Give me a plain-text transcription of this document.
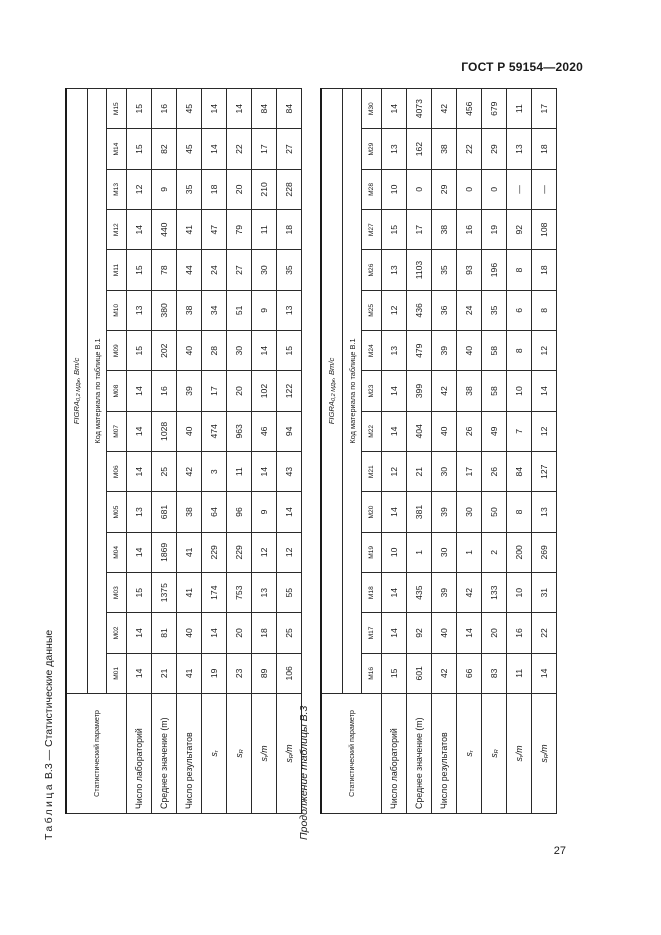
ГОСТ Р 59154—2020
27
Таблица В.3 — Статистические данные	Статистический параметр	FIGRA0,2 МДж, Вт/с														
	Код материала по таблице В.1														
	М01	М02	М03	М04	М05	М06	М07	М08	М09	М10	М11	М12	М13	М14	М15
Число лабораторий	14	14	15	14	13	14	14	14	15	13	15	14	12	15	15
Среднее значение (m)	21	81	1375	1869	681	25	1028	16	202	380	78	440	9	82	16
Число результатов	41	40	41	41	38	42	40	39	40	38	44	41	35	45	45
sr	19	14	174	229	64	3	474	17	28	34	24	47	18	14	14
sR	23	20	753	229	96	11	963	20	30	51	27	79	20	22	14
sr/m	89	18	13	12	9	14	46	102	14	9	30	11	210	17	84
sR/m	106	25	55	12	14	43	94	122	15	13	35	18	228	27	84
Продолжение таблицы В.3	Статистический параметр	FIGRA0,2 МДж, Вт/с														
	Код материала по таблице В.1														
	М16	М17	М18	М19	М20	М21	М22	М23	М24	М25	М26	М27	М28	М29	М30
Число лабораторий	15	14	14	10	14	12	14	14	13	12	13	15	10	13	14
Среднее значение (m)	601	92	435	1	381	21	404	399	479	436	1103	17	0	162	4073
Число результатов	42	40	39	30	39	30	40	42	39	36	35	38	29	38	42
sr	66	14	42	1	30	17	26	38	40	24	93	16	0	22	456
sR	83	20	133	2	50	26	49	58	58	35	196	19	0	29	679
sr/m	11	16	10	200	8	84	7	10	8	6	8	92	—	13	11
sR/m	14	22	31	269	13	127	12	14	12	8	18	108	—	18	17
